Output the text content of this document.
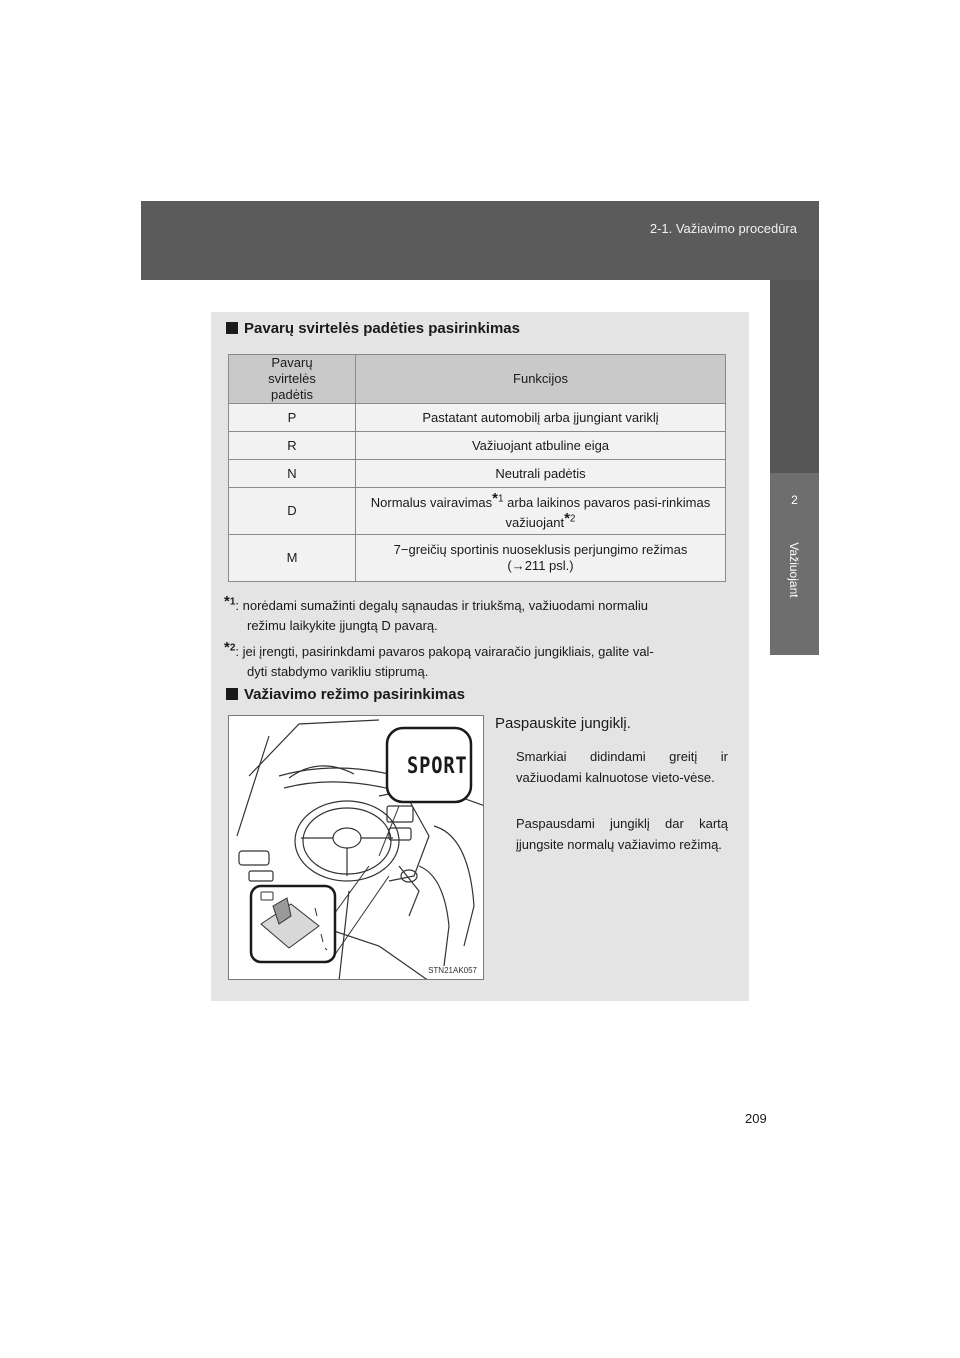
2-1. Važiavimo procedūra
2
Važiuojant
Pavarų svirtelės padėties pasirinkimas
Pavarų svirtelės padėtis	Funkcijos
P	Pastatant automobilį arba įjungiant variklį
R	Važiuojant atbuline eiga
N	Neutrali padėtis
D	Normalus vairavimas*$^1$ arba laikinos pavaros pasi-rinkimas važiuojant*$^2$
M	7−greičių sportinis nuoseklusis perjungimo režimas
(→211 psl.)
*$^1$: norėdami sumažinti degalų sąnaudas ir triukšmą, važiuodami normaliu
režimu laikykite įjungtą D pavarą.
*$^2$: jei įrengti, pasirinkdami pavaros pakopą vairaračio jungikliais, galite val-
dyti stabdymo varikliu stiprumą.
Važiavimo režimo pasirinkimas
SPORT
STN21AK057
Paspauskite jungiklį.
Smarkiai didindami greitį ir važiuodami kalnuotose vieto-vėse.
Paspausdami jungiklį dar kartą įjungsite normalų važiavimo režimą.
209
